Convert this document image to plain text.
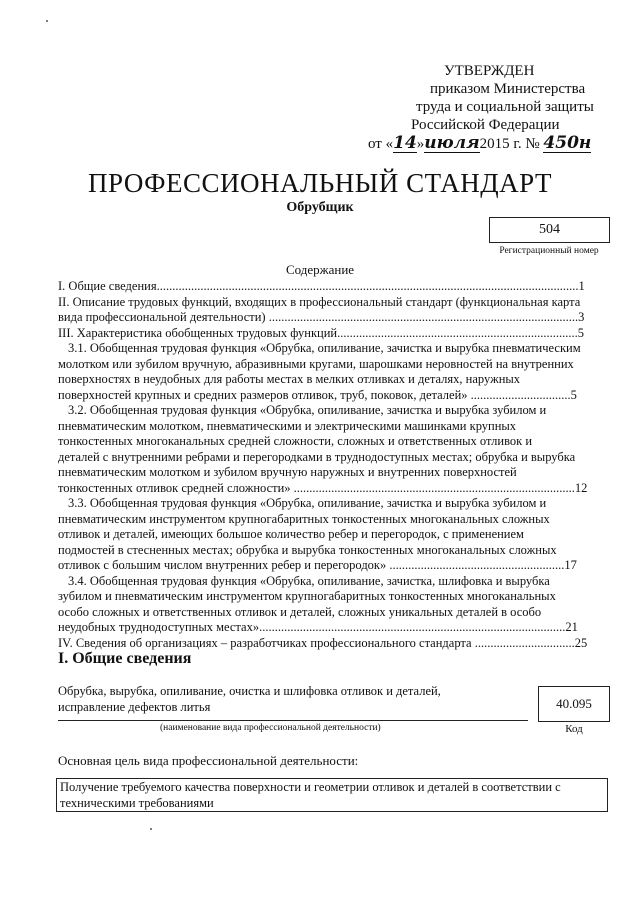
УТВЕРЖДЕН
приказом Министерства
труда и социальной защиты
Российской Федерации
от «14»июля2015 г. № 450н
ПРОФЕССИОНАЛЬНЫЙ СТАНДАРТ
Обрубщик
504
Регистрационный номер
Содержание
I. Общие сведения.......................................................................................................................................1
II. Описание трудовых функций, входящих в профессиональный стандарт (функциональная карта
вида профессиональной деятельности) ...................................................................................................3
III. Характеристика обобщенных трудовых функций.............................................................................5
3.1. Обобщенная трудовая функция «Обрубка, опиливание, зачистка и вырубка пневматическим
молотком или зубилом вручную, абразивными кругами, шарошками неровностей на внутренних
поверхностях в неудобных для работы местах в мелких отливках и деталях, наружных
поверхностей крупных и средних размеров отливок, труб, поковок, деталей» ................................5
3.2. Обобщенная трудовая функция «Обрубка, опиливание, зачистка и вырубка зубилом и
пневматическим молотком, пневматическими и электрическими машинками крупных
тонкостенных многоканальных средней сложности, сложных и ответственных отливок и
деталей с внутренними ребрами и перегородками в труднодоступных местах; обрубка и вырубка
пневматическим молотком и зубилом вручную наружных и внутренних поверхностей
тонкостенных отливок средней сложности» ..........................................................................................12
3.3. Обобщенная трудовая функция «Обрубка, опиливание, зачистка и вырубка зубилом и
пневматическим инструментом крупногабаритных тонкостенных многоканальных сложных
отливок и деталей, имеющих большое количество ребер и перегородок, с применением
подмостей в стесненных местах; обрубка и вырубка тонкостенных многоканальных сложных
отливок с большим числом внутренних ребер и перегородок» ........................................................17
3.4. Обобщенная трудовая функция «Обрубка, опиливание, зачистка, шлифовка и вырубка
зубилом и пневматическим инструментом крупногабаритных тонкостенных многоканальных
особо сложных и ответственных отливок и деталей, сложных уникальных деталей в особо
неудобных труднодоступных местах»..................................................................................................21
IV. Сведения об организациях – разработчиках профессионального стандарта ................................25
I. Общие сведения
Обрубка, вырубка, опиливание, очистка и шлифовка отливок и деталей,
исправление дефектов литья
(наименование вида профессиональной деятельности)
40.095
Код
Основная цель вида профессиональной деятельности:
Получение требуемого качества поверхности и геометрии отливок и деталей в соответствии с
техническими требованиями
